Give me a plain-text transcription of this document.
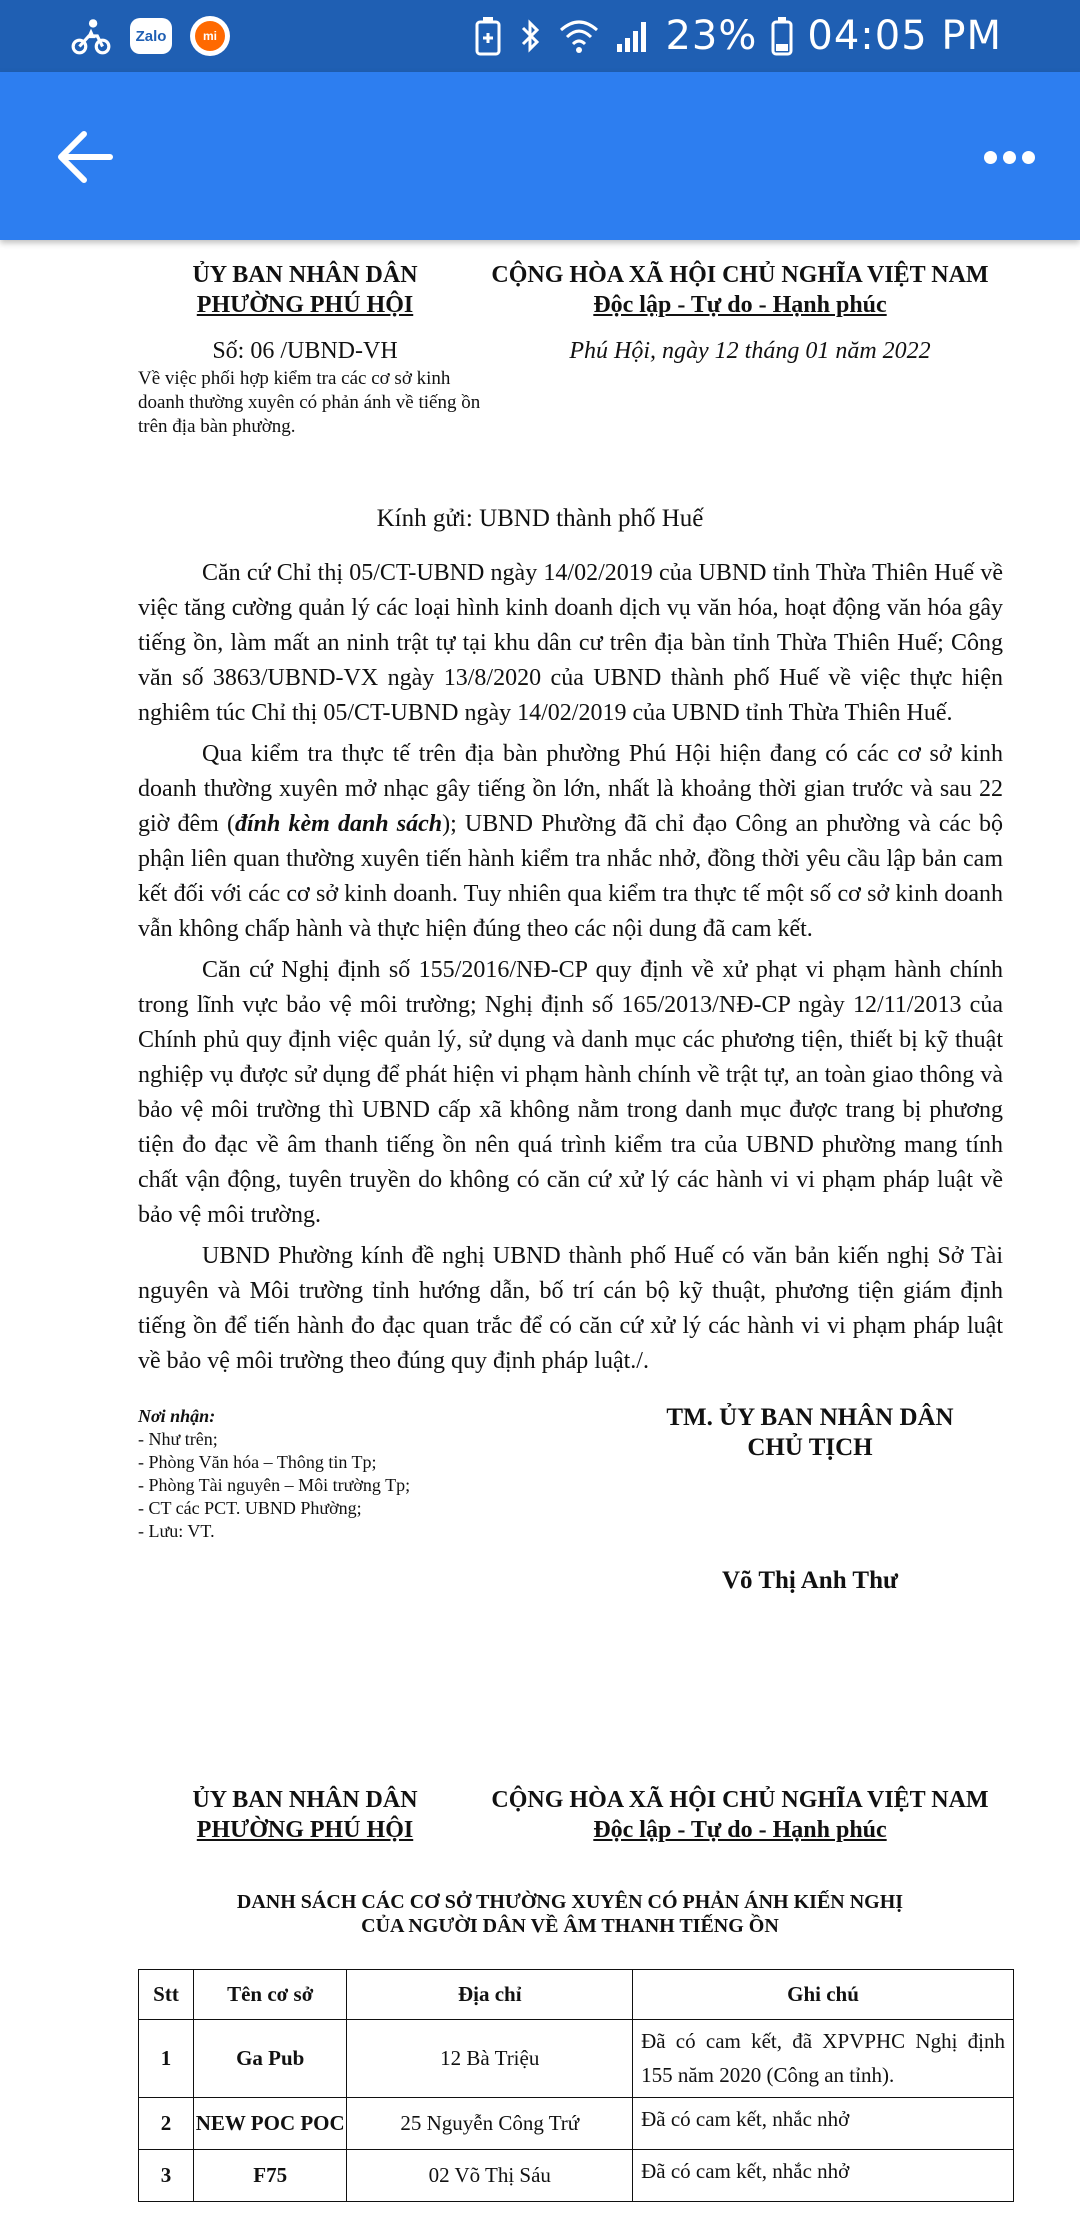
Zalo	mi	23% 04:05 PM
ỦY BAN NHÂN DÂN
PHƯỜNG PHÚ HỘI
CỘNG HÒA XÃ HỘI CHỦ NGHĨA VIỆT NAM
Độc lập - Tự do - Hạnh phúc
Số: 06 /UBND-VH
Về việc phối hợp kiểm tra các cơ sở kinh doanh thường xuyên có phản ánh về tiếng ồn trên địa bàn phường.
Phú Hội, ngày 12 tháng 01 năm 2022
Kính gửi: UBND thành phố Huế

Căn cứ Chỉ thị 05/CT-UBND ngày 14/02/2019 của UBND tỉnh Thừa Thiên Huế về việc tăng cường quản lý các loại hình kinh doanh dịch vụ văn hóa, hoạt động văn hóa gây tiếng ồn, làm mất an ninh trật tự tại khu dân cư trên địa bàn tỉnh Thừa Thiên Huế; Công văn số 3863/UBND-VX ngày 13/8/2020 của UBND thành phố Huế về việc thực hiện nghiêm túc Chỉ thị 05/CT-UBND ngày 14/02/2019 của UBND tỉnh Thừa Thiên Huế.

Qua kiểm tra thực tế trên địa bàn phường Phú Hội hiện đang có các cơ sở kinh doanh thường xuyên mở nhạc gây tiếng ồn lớn, nhất là khoảng thời gian trước và sau 22 giờ đêm (đính kèm danh sách); UBND Phường đã chỉ đạo Công an phường và các bộ phận liên quan thường xuyên tiến hành kiểm tra nhắc nhở, đồng thời yêu cầu lập bản cam kết đối với các cơ sở kinh doanh. Tuy nhiên qua kiểm tra thực tế một số cơ sở kinh doanh vẫn không chấp hành và thực hiện đúng theo các nội dung đã cam kết.

Căn cứ Nghị định số 155/2016/NĐ-CP quy định về xử phạt vi phạm hành chính trong lĩnh vực bảo vệ môi trường; Nghị định số 165/2013/NĐ-CP ngày 12/11/2013 của Chính phủ quy định việc quản lý, sử dụng và danh mục các phương tiện, thiết bị kỹ thuật nghiệp vụ được sử dụng để phát hiện vi phạm hành chính về trật tự, an toàn giao thông và bảo vệ môi trường thì UBND cấp xã không nằm trong danh mục được trang bị phương tiện đo đạc về âm thanh tiếng ồn nên quá trình kiểm tra của UBND phường mang tính chất vận động, tuyên truyền do không có căn cứ xử lý các hành vi vi phạm pháp luật về bảo vệ môi trường.

UBND Phường kính đề nghị UBND thành phố Huế có văn bản kiến nghị Sở Tài nguyên và Môi trường tỉnh hướng dẫn, bố trí cán bộ kỹ thuật, phương tiện giám định tiếng ồn để tiến hành đo đạc quan trắc để có căn cứ xử lý các hành vi vi phạm pháp luật về bảo vệ môi trường theo đúng quy định pháp luật./.

Nơi nhận:
- Như trên;
- Phòng Văn hóa – Thông tin Tp;
- Phòng Tài nguyên – Môi trường Tp;
- CT các PCT. UBND Phường;
- Lưu: VT.
TM. ỦY BAN NHÂN DÂN
CHỦ TỊCH
Võ Thị Anh Thư
ỦY BAN NHÂN DÂN
PHƯỜNG PHÚ HỘI
CỘNG HÒA XÃ HỘI CHỦ NGHĨA VIỆT NAM
Độc lập - Tự do - Hạnh phúc
DANH SÁCH CÁC CƠ SỞ THƯỜNG XUYÊN CÓ PHẢN ÁNH KIẾN NGHỊ
CỦA NGƯỜI DÂN VỀ ÂM THANH TIẾNG ỒN
Stt	Tên cơ sở	Địa chỉ	Ghi chú
1	Ga Pub	12 Bà Triệu	Đã có cam kết, đã XPVPHC Nghị định 155 năm 2020 (Công an tỉnh).
2	NEW POC POC	25 Nguyễn Công Trứ	Đã có cam kết, nhắc nhở
3	F75	02 Võ Thị Sáu	Đã có cam kết, nhắc nhở
